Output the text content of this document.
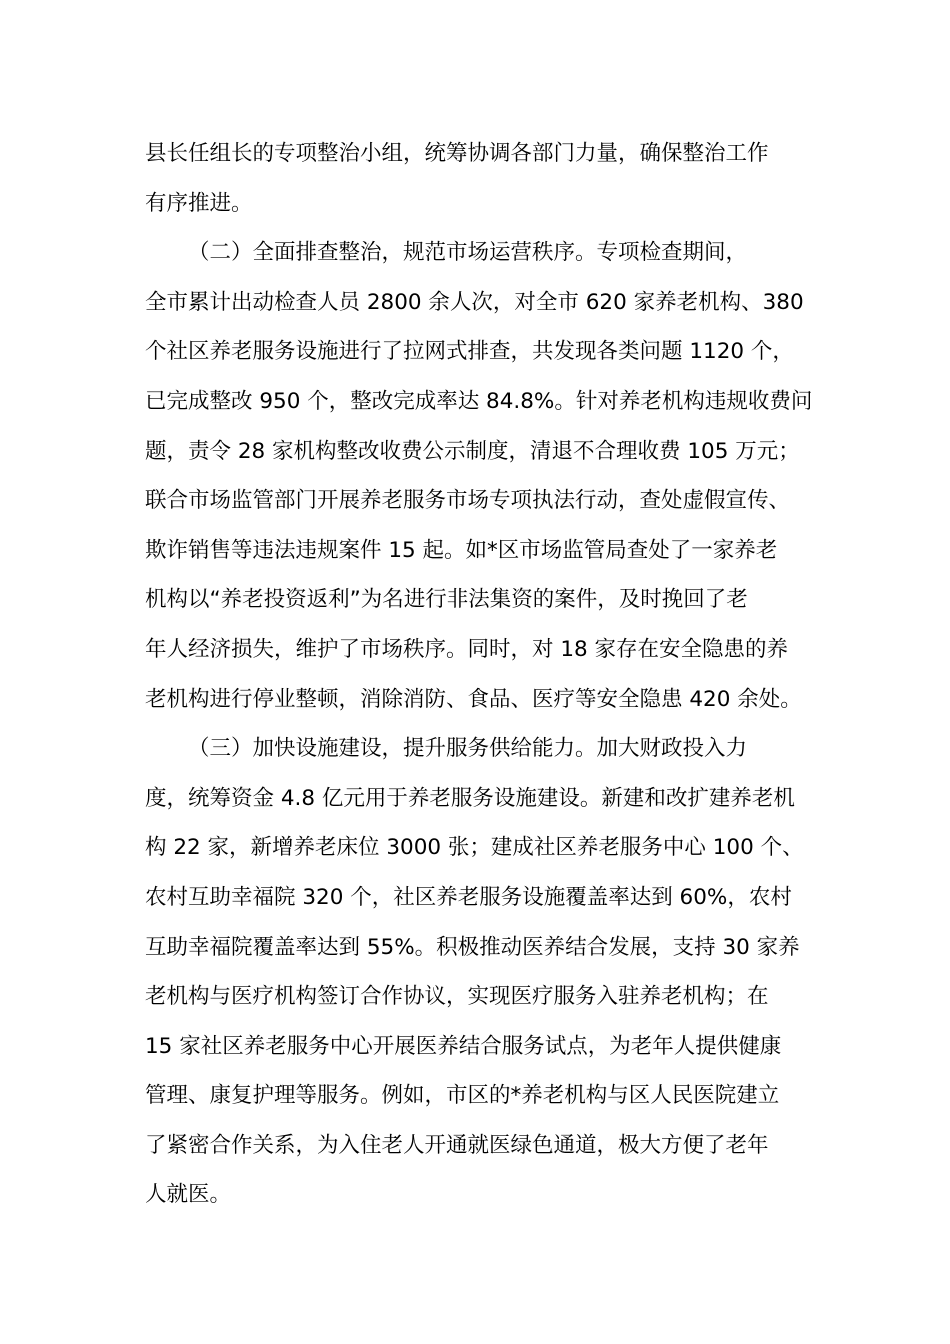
县长任组长的专项整治小组，统筹协调各部门力量，确保整治工作
有序推进。
（二）全面排查整治，规范市场运营秩序。专项检查期间，
全市累计出动检查人员 2800 余人次，对全市 620 家养老机构、380
个社区养老服务设施进行了拉网式排查，共发现各类问题 1120 个，
已完成整改 950 个，整改完成率达 84.8%。针对养老机构违规收费问
题，责令 28 家机构整改收费公示制度，清退不合理收费 105 万元；
联合市场监管部门开展养老服务市场专项执法行动，查处虚假宣传、
欺诈销售等违法违规案件 15 起。如*区市场监管局查处了一家养老
机构以“养老投资返利”为名进行非法集资的案件，及时挽回了老
年人经济损失，维护了市场秩序。同时，对 18 家存在安全隐患的养
老机构进行停业整顿，消除消防、食品、医疗等安全隐患 420 余处。
（三）加快设施建设，提升服务供给能力。加大财政投入力
度，统筹资金 4.8 亿元用于养老服务设施建设。新建和改扩建养老机
构 22 家，新增养老床位 3000 张；建成社区养老服务中心 100 个、
农村互助幸福院 320 个，社区养老服务设施覆盖率达到 60%，农村
互助幸福院覆盖率达到 55%。积极推动医养结合发展，支持 30 家养
老机构与医疗机构签订合作协议，实现医疗服务入驻养老机构；在
15 家社区养老服务中心开展医养结合服务试点，为老年人提供健康
管理、康复护理等服务。例如，市区的*养老机构与区人民医院建立
了紧密合作关系，为入住老人开通就医绿色通道，极大方便了老年
人就医。
